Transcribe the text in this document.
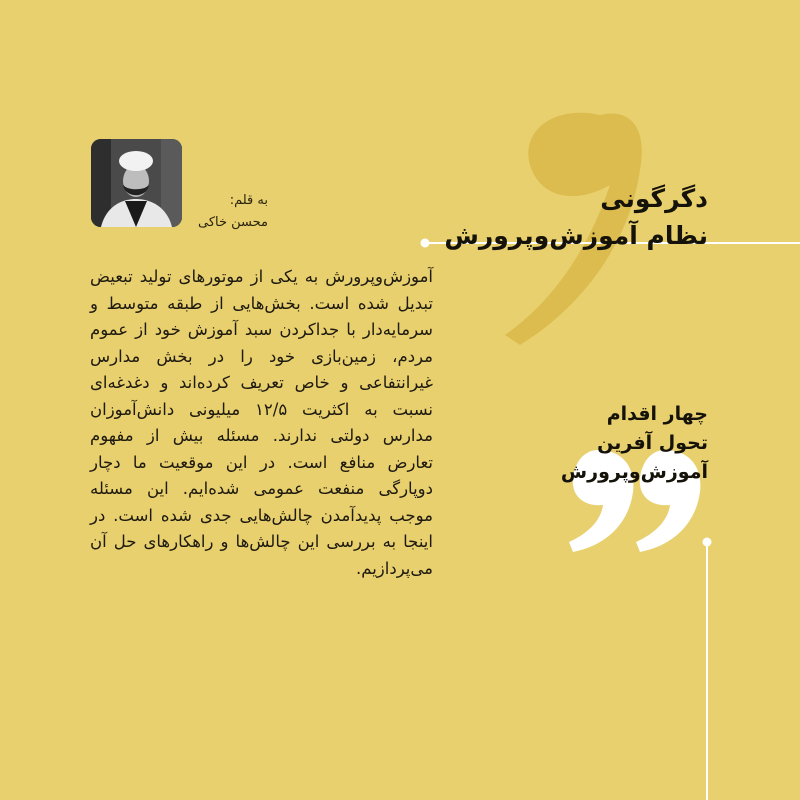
به قلم:
محسن خاکی
دگرگونی
نظام آموزش‌وپرورش
آموزش‌وپرورش به یکی از موتورهای تولید تبعیض تبدیل شده است. بخش‌هایی از طبقه متوسط و سرمایه‌دار با جداکردن سبد آموزش خود از عموم مردم، زمین‌بازی خود را در بخش مدارس غیرانتفاعی و خاص تعریف کرده‌اند و دغدغه‌ای نسبت به اکثریت ۱۲/۵ میلیونی دانش‌آموزان مدارس دولتی ندارند. مسئله بیش از مفهوم تعارض منافع است. در این موقعیت ما دچار دوپارگی منفعت عمومی شده‌ایم. این مسئله موجب پدیدآمدن چالش‌هایی جدی شده است. در اینجا به بررسی این چالش‌ها و راهکارهای حل آن می‌پردازیم.
چهار اقدام
تحول آفرین
آموزش‌وپرورش
